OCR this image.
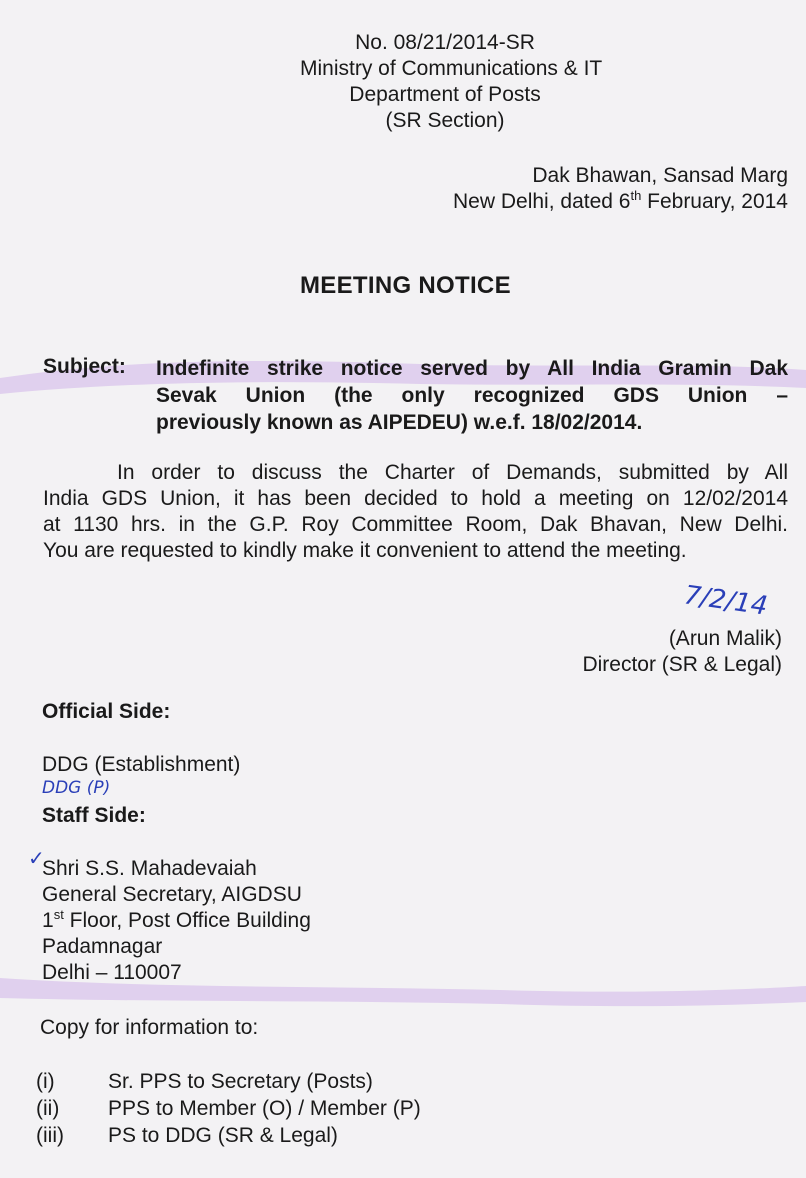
No. 08/21/2014-SR
Ministry of Communications & IT
Department of Posts
(SR Section)
Dak Bhawan, Sansad Marg
New Delhi, dated 6th February, 2014
MEETING NOTICE
Subject: Indefinite strike notice served by All India Gramin Dak
Sevak Union (the only recognized GDS Union –
previously known as AIPEDEU) w.e.f. 18/02/2014.
In order to discuss the Charter of Demands, submitted by All
India GDS Union, it has been decided to hold a meeting on 12/02/2014
at 1130 hrs. in the G.P. Roy Committee Room, Dak Bhavan, New Delhi.
You are requested to kindly make it convenient to attend the meeting.
7/2/14
(Arun Malik)
Director (SR & Legal)
Official Side:
DDG (Establishment)
DDG (P)
Staff Side:
✓
Shri S.S. Mahadevaiah
General Secretary, AIGDSU
1st Floor, Post Office Building
Padamnagar
Delhi – 110007
Copy for information to:
(i)	Sr. PPS to Secretary (Posts)
(ii) PPS to Member (O) / Member (P)
(iii) PS to DDG (SR & Legal)
